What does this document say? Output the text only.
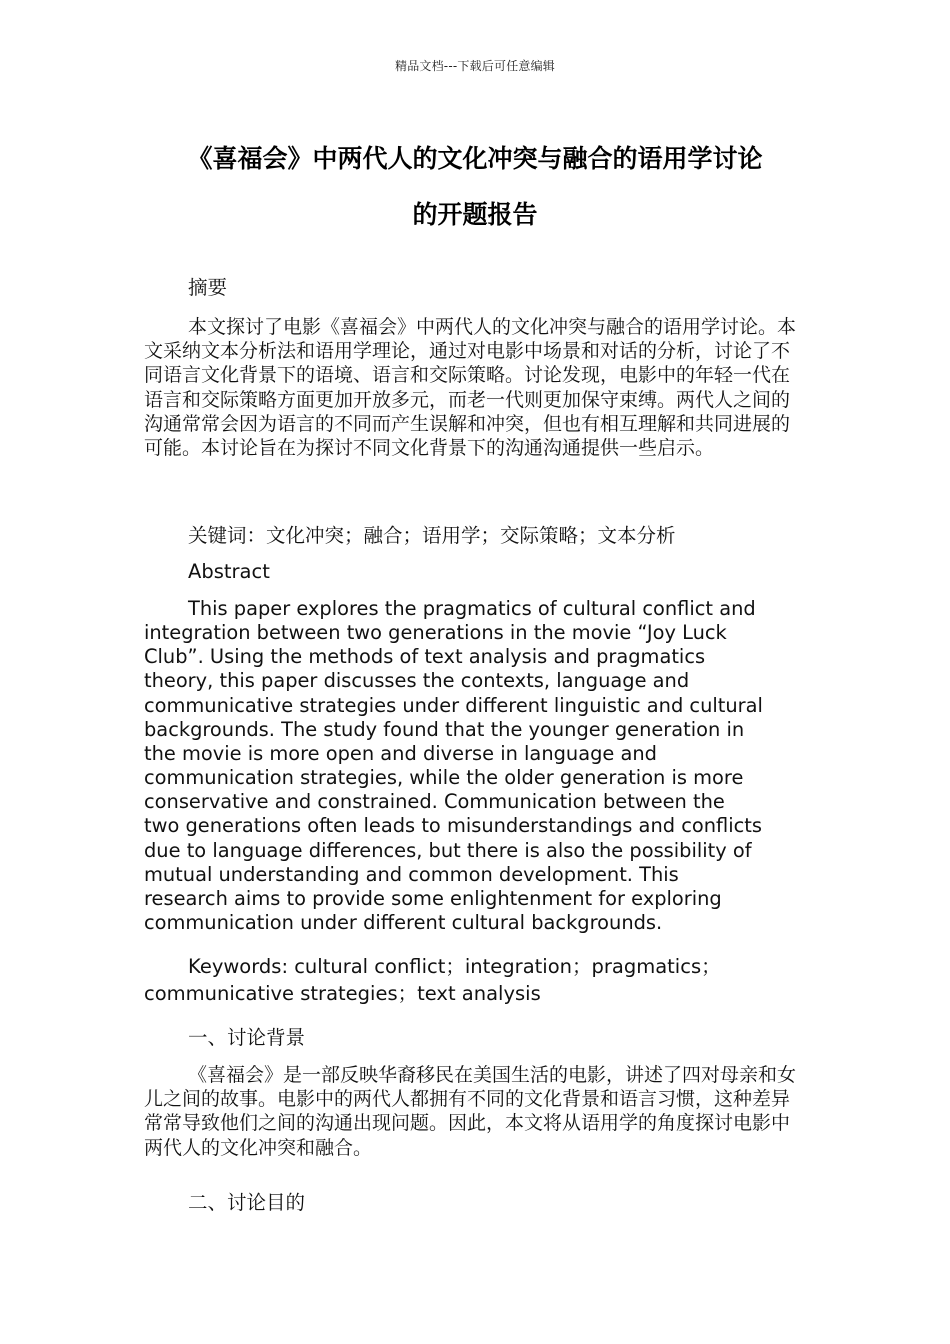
精品文档---下载后可任意编辑
《喜福会》中两代人的文化冲突与融合的语用学讨论
的开题报告
摘要
本文探讨了电影《喜福会》中两代人的文化冲突与融合的语用学讨论。本文采纳文本分析法和语用学理论，通过对电影中场景和对话的分析，讨论了不同语言文化背景下的语境、语言和交际策略。讨论发现，电影中的年轻一代在语言和交际策略方面更加开放多元，而老一代则更加保守束缚。两代人之间的沟通常常会因为语言的不同而产生误解和冲突，但也有相互理解和共同进展的可能。本讨论旨在为探讨不同文化背景下的沟通沟通提供一些启示。
关键词：文化冲突；融合；语用学；交际策略；文本分析
Abstract
This paper explores the pragmatics of cultural conflict and
integration between two generations in the movie “Joy Luck
Club”. Using the methods of text analysis and pragmatics
theory, this paper discusses the contexts, language and
communicative strategies under different linguistic and cultural
backgrounds. The study found that the younger generation in
the movie is more open and diverse in language and
communication strategies, while the older generation is more
conservative and constrained. Communication between the
two generations often leads to misunderstandings and conflicts
due to language differences, but there is also the possibility of
mutual understanding and common development. This
research aims to provide some enlightenment for exploring
communication under different cultural backgrounds.
Keywords: cultural conflict；integration；pragmatics；communicative strategies；text analysis
一、讨论背景
《喜福会》是一部反映华裔移民在美国生活的电影，讲述了四对母亲和女儿之间的故事。电影中的两代人都拥有不同的文化背景和语言习惯，这种差异常常导致他们之间的沟通出现问题。因此，本文将从语用学的角度探讨电影中两代人的文化冲突和融合。
二、讨论目的
